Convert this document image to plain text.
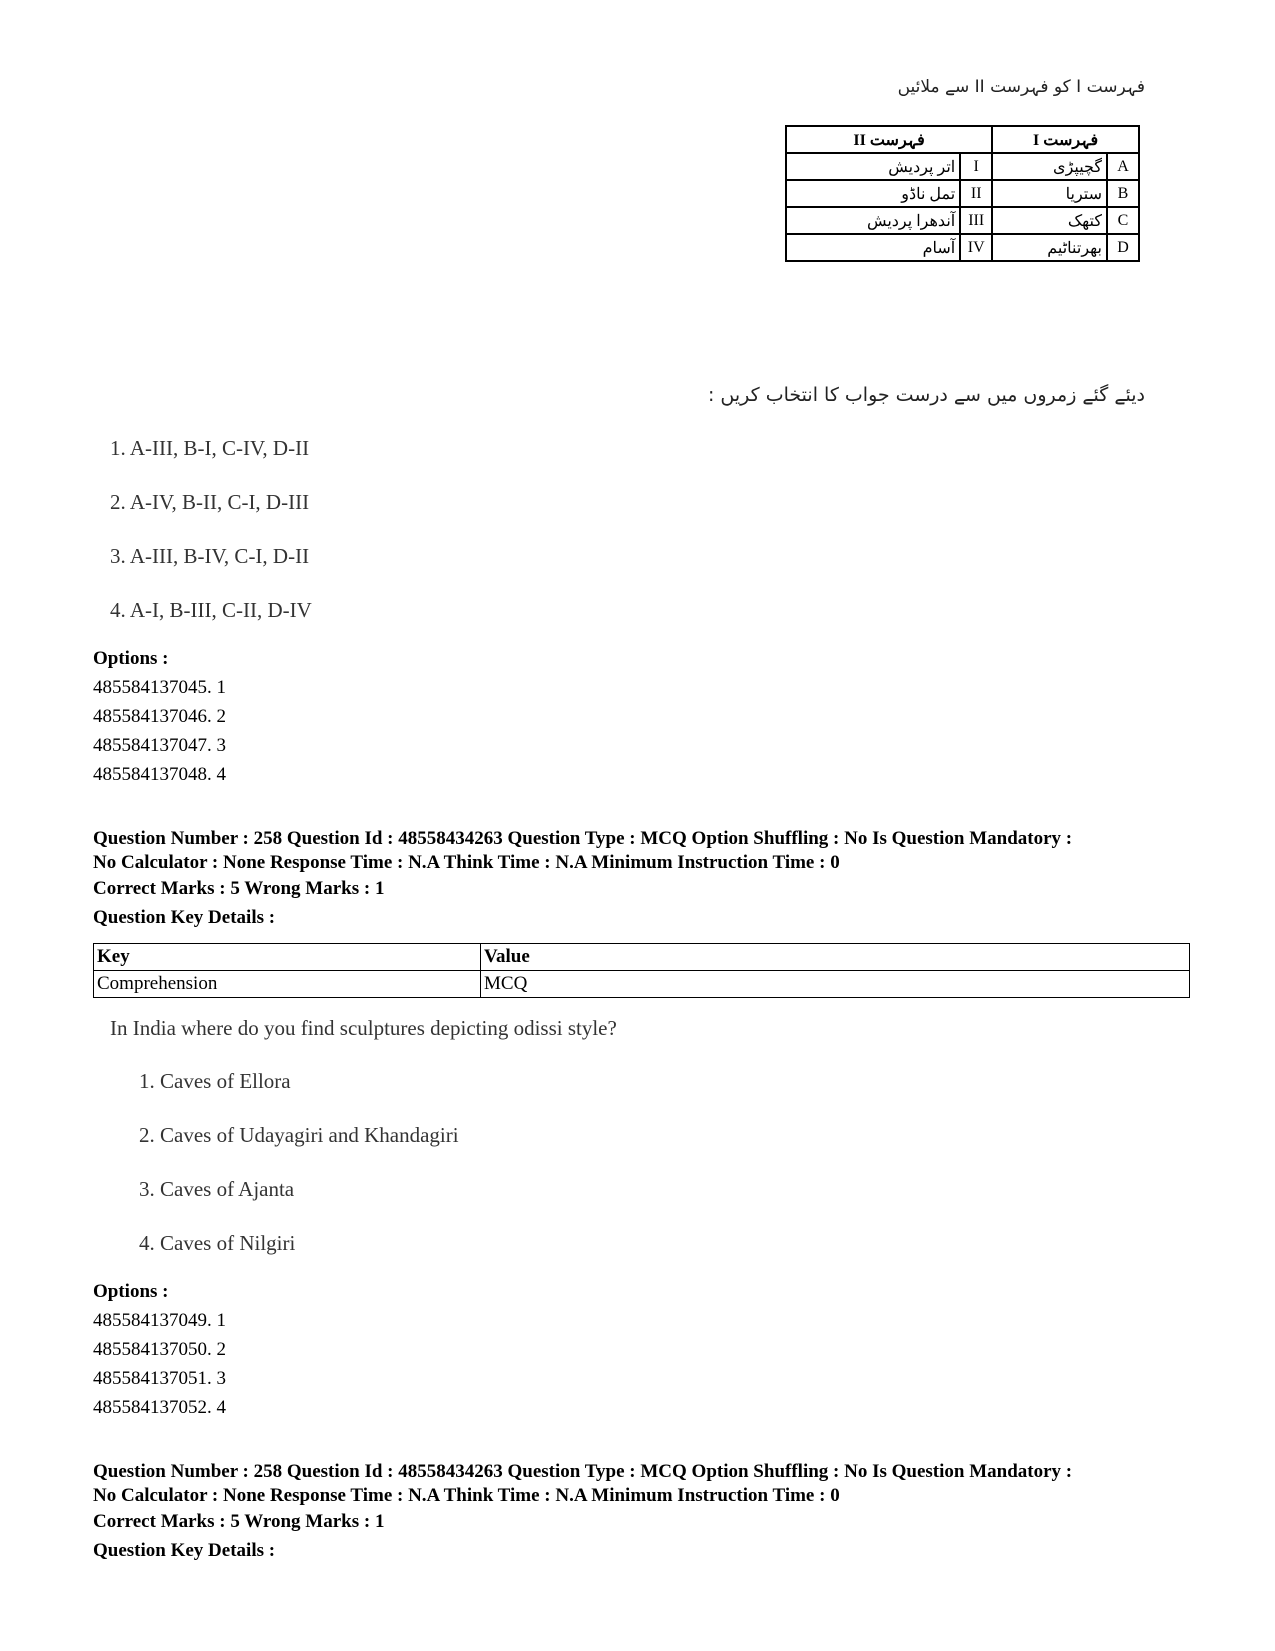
فہرست I کو فہرست II سے ملائیں
فہرست I		فہرست II	
A	گچیپڑی	I	اتر پردیش
B	ستریا	II	تمل ناڈو
C	کتھک	III	آندھرا پردیش
D	بھرتناٹیم	IV	آسام
دیئے گئے زمروں میں سے درست جواب کا انتخاب کریں :
1. A-III, B-I, C-IV, D-II
2. A-IV, B-II, C-I, D-III
3. A-III, B-IV, C-I, D-II
4. A-I, B-III, C-II, D-IV
Options :
485584137045. 1
485584137046. 2
485584137047. 3
485584137048. 4
Question Number : 258 Question Id : 48558434263 Question Type : MCQ Option Shuffling : No Is Question Mandatory :
No Calculator : None Response Time : N.A Think Time : N.A Minimum Instruction Time : 0
Correct Marks : 5 Wrong Marks : 1
Question Key Details :
Key	Value
Comprehension	MCQ
In India where do you find sculptures depicting odissi style?
1. Caves of Ellora
2. Caves of Udayagiri and Khandagiri
3. Caves of Ajanta
4. Caves of Nilgiri
Options :
485584137049. 1
485584137050. 2
485584137051. 3
485584137052. 4
Question Number : 258 Question Id : 48558434263 Question Type : MCQ Option Shuffling : No Is Question Mandatory :
No Calculator : None Response Time : N.A Think Time : N.A Minimum Instruction Time : 0
Correct Marks : 5 Wrong Marks : 1
Question Key Details :
